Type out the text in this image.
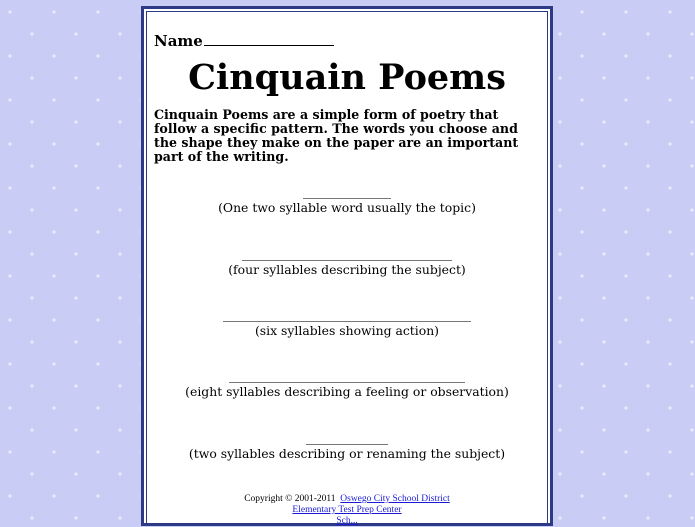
Name
Cinquain Poems

Cinquain Poems are a simple form of poetry that follow a specific pattern. The words you choose and the shape they make on the paper are an important part of the writing.

(One two syllable word usually the topic)
(four syllables describing the subject)
(six syllables showing action)
(eight syllables describing a feeling or observation)
(two syllables describing or renaming the subject)
Copyright © 2001-2011 Oswego City School District
Elementary Test Prep Center
Sch...
